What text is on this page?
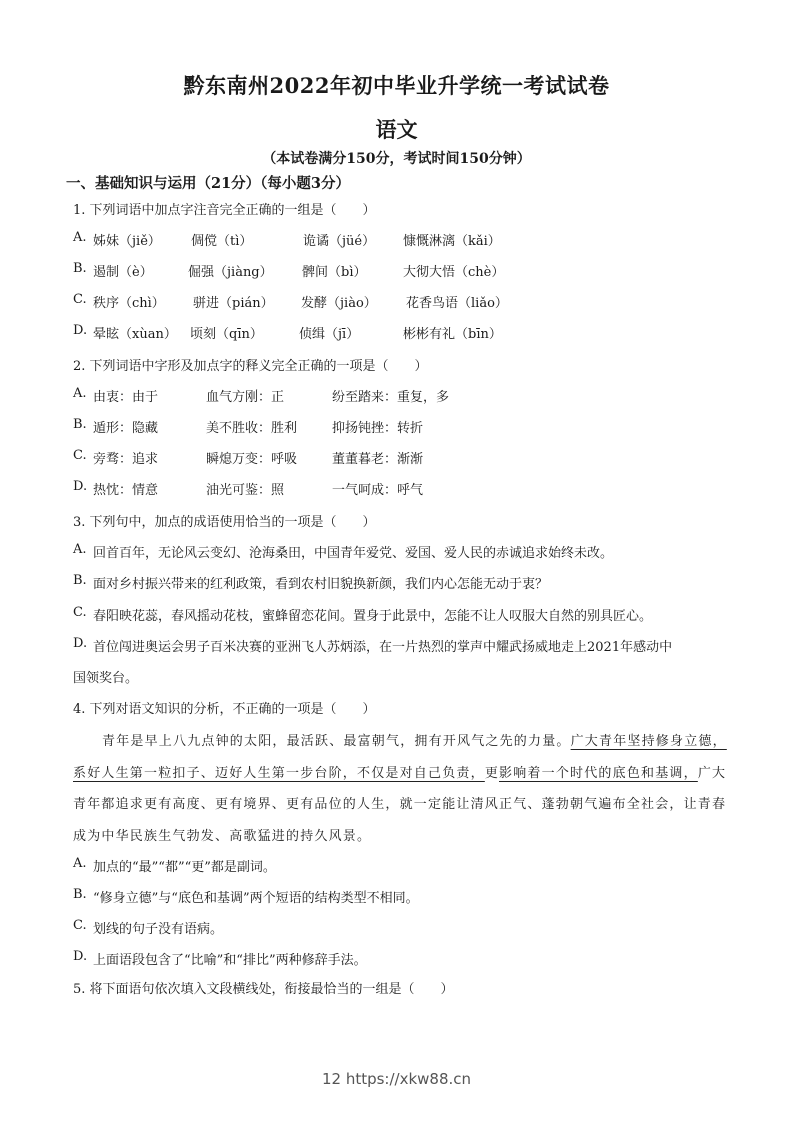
黔东南州2022年初中毕业升学统一考试试卷
语文
（本试卷满分150分，考试时间150分钟）
一、基础知识与运用（21分）（每小题3分）
1. 下列词语中加点字注音完全正确的一组是（　　）
A. 姊妹（jiě） 倜傥（tì）	诡谲（jüé） 慷慨淋漓（kǎi）
B. 遏制（è）	倔强（jiàng） 髀间（bì）	大彻大悟（chè）
C. 秩序（chì） 骈进（pián） 发酵（jiào） 花香鸟语（liǎo）
D. 晕眩（xùan） 顷刻（qīn）	侦缉（jī）	彬彬有礼（bīn）
2. 下列词语中字形及加点字的释义完全正确的一项是（　　）
A. 由衷：由于	血气方刚：正	纷至踏来：重复，多
B. 遁形：隐藏	美不胜收：胜利	抑扬钝挫：转折
C. 旁骛：追求	瞬熄万变：呼吸	董董暮老：渐渐
D. 热忱：情意	油光可鉴：照	一气呵成：呼气
3. 下列句中，加点的成语使用恰当的一项是（　　）
A. 回首百年，无论风云变幻、沧海桑田，中国青年爱党、爱国、爱人民的赤诚追求始终未改。
B. 面对乡村振兴带来的红利政策，看到农村旧貌换新颜，我们内心怎能无动于衷？
C. 春阳映花蕊，春风摇动花枝，蜜蜂留恋花间。置身于此景中，怎能不让人叹服大自然的别具匠心。
D. 首位闯进奥运会男子百米决赛的亚洲飞人苏炳添，在一片热烈的掌声中耀武扬威地走上2021年感动中
国领奖台。
4. 下列对语文知识的分析，不正确的一项是（　　）
青年是早上八九点钟的太阳，最活跃、最富朝气，拥有开风气之先的力量。广大青年坚持修身立德，
系好人生第一粒扣子、迈好人生第一步台阶，不仅是对自己负责，更影响着一个时代的底色和基调，广大
青年都追求更有高度、更有境界、更有品位的人生，就一定能让清风正气、蓬勃朝气遍布全社会，让青春
成为中华民族生气勃发、高歌猛进的持久风景。
A. 加点的“最”“都”“更”都是副词。
B. “修身立德”与“底色和基调”两个短语的结构类型不相同。
C. 划线的句子没有语病。
D. 上面语段包含了“比喻”和“排比”两种修辞手法。
5. 将下面语句依次填入文段横线处，衔接最恰当的一组是（　　）
12 https://xkw88.cn
